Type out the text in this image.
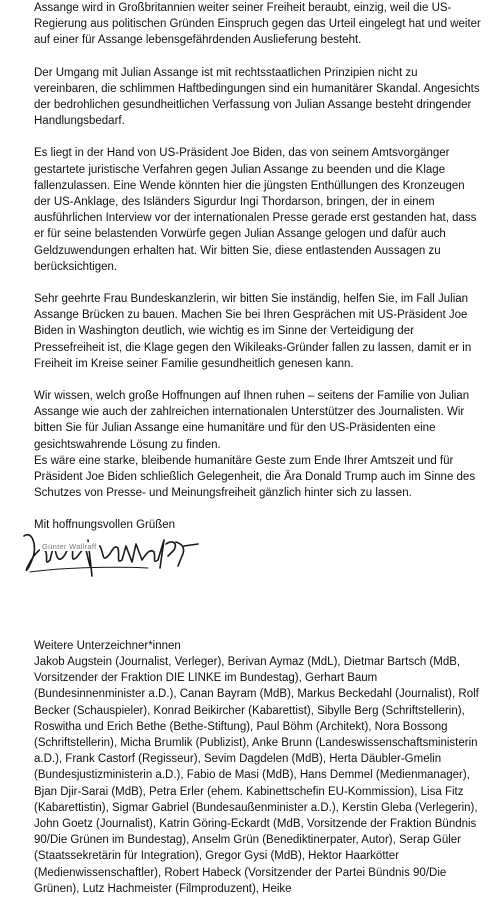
Assange wird in Großbritannien weiter seiner Freiheit beraubt, einzig, weil die US-Regierung aus politischen Gründen Einspruch gegen das Urteil eingelegt hat und weiter auf einer für Assange lebensgefährdenden Auslieferung besteht.
Der Umgang mit Julian Assange ist mit rechtsstaatlichen Prinzipien nicht zu vereinbaren, die schlimmen Haftbedingungen sind ein humanitärer Skandal. Angesichts der bedrohlichen gesundheitlichen Verfassung von Julian Assange besteht dringender Handlungsbedarf.
Es liegt in der Hand von US-Präsident Joe Biden, das von seinem Amtsvorgänger gestartete juristische Verfahren gegen Julian Assange zu beenden und die Klage fallenzulassen. Eine Wende könnten hier die jüngsten Enthüllungen des Kronzeugen der US-Anklage, des Isländers Sigurdur Ingi Thordarson, bringen, der in einem ausführlichen Interview vor der internationalen Presse gerade erst gestanden hat, dass er für seine belastenden Vorwürfe gegen Julian Assange gelogen und dafür auch Geldzuwendungen erhalten hat. Wir bitten Sie, diese entlastenden Aussagen zu berücksichtigen.
Sehr geehrte Frau Bundeskanzlerin, wir bitten Sie inständig, helfen Sie, im Fall Julian Assange Brücken zu bauen. Machen Sie bei Ihren Gesprächen mit US-Präsident Joe Biden in Washington deutlich, wie wichtig es im Sinne der Verteidigung der Pressefreiheit ist, die Klage gegen den Wikileaks-Gründer fallen zu lassen, damit er in Freiheit im Kreise seiner Familie gesundheitlich genesen kann.

Wir wissen, welch große Hoffnungen auf Ihnen ruhen – seitens der Familie von Julian Assange wie auch der zahlreichen internationalen Unterstützer des Journalisten. Wir bitten Sie für Julian Assange eine humanitäre und für den US-Präsidenten eine gesichtswahrende Lösung zu finden.

Es wäre eine starke, bleibende humanitäre Geste zum Ende Ihrer Amtszeit und für Präsident Joe Biden schließlich Gelegenheit, die Ära Donald Trump auch im Sinne des Schutzes von Presse- und Meinungsfreiheit gänzlich hinter sich zu lassen.

Mit hoffnungsvollen Grüßen
Günter Wallraff
Weitere Unterzeichner*innen
Jakob Augstein (Journalist, Verleger), Berivan Aymaz (MdL), Dietmar Bartsch (MdB, Vorsitzender der Fraktion DIE LINKE im Bundestag), Gerhart Baum (Bundesinnenminister a.D.), Canan Bayram (MdB), Markus Beckedahl (Journalist), Rolf Becker (Schauspieler), Konrad Beikircher (Kabarettist), Sibylle Berg (Schriftstellerin), Roswitha und Erich Bethe (Bethe-Stiftung), Paul Böhm (Architekt), Nora Bossong (Schriftstellerin), Micha Brumlik (Publizist), Anke Brunn (Landeswissenschaftsministerin a.D.), Frank Castorf (Regisseur), Sevim Dagdelen (MdB), Herta Däubler-Gmelin (Bundesjustizministerin a.D.), Fabio de Masi (MdB), Hans Demmel (Medienmanager), Bjan Djir-Sarai (MdB), Petra Erler (ehem. Kabinettschefin EU-Kommission), Lisa Fitz (Kabarettistin), Sigmar Gabriel (Bundesaußenminister a.D.), Kerstin Gleba (Verlegerin), John Goetz (Journalist), Katrin Göring-Eckardt (MdB, Vorsitzende der Fraktion Bündnis 90/Die Grünen im Bundestag), Anselm Grün (Benediktinerpater, Autor), Serap Güler (Staatssekretärin für Integration), Gregor Gysi (MdB), Hektor Haarkötter (Medienwissenschaftler), Robert Habeck (Vorsitzender der Partei Bündnis 90/Die Grünen), Lutz Hachmeister (Filmproduzent), Heike
